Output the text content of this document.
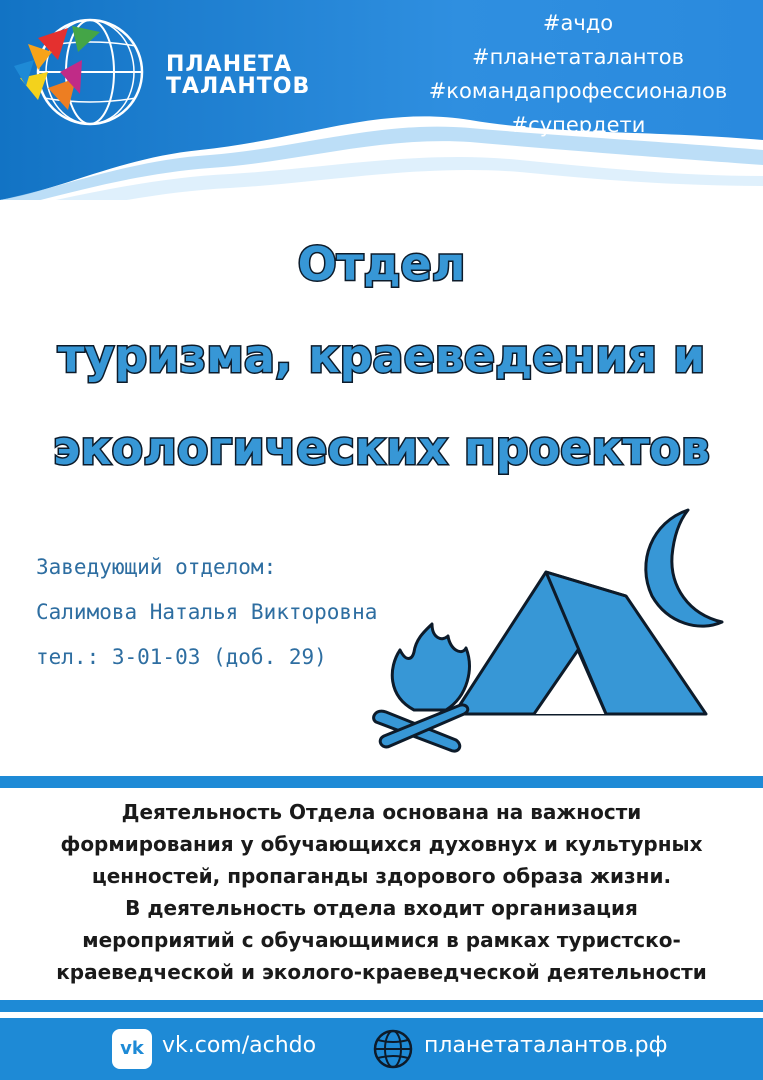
ПЛАНЕТА
ТАЛАНТОВ
#ачдо
#планетаталантов
#командапрофессионалов
#супердети
Отдел
туризма, краеведения и
экологических проектов
Заведующий отделом:
Салимова Наталья Викторовна
тел.: 3-01-03 (доб. 29)
Деятельность Отдела основана на важности
формирования у обучающихся духовнух и культурных
ценностей, пропаганды здорового образа жизни.
В деятельность отдела входит организация
мероприятий с обучающимися в рамках туристско-
краеведческой и эколого-краеведческой деятельности
vk vk.com/achdo	планетаталантов.рф
